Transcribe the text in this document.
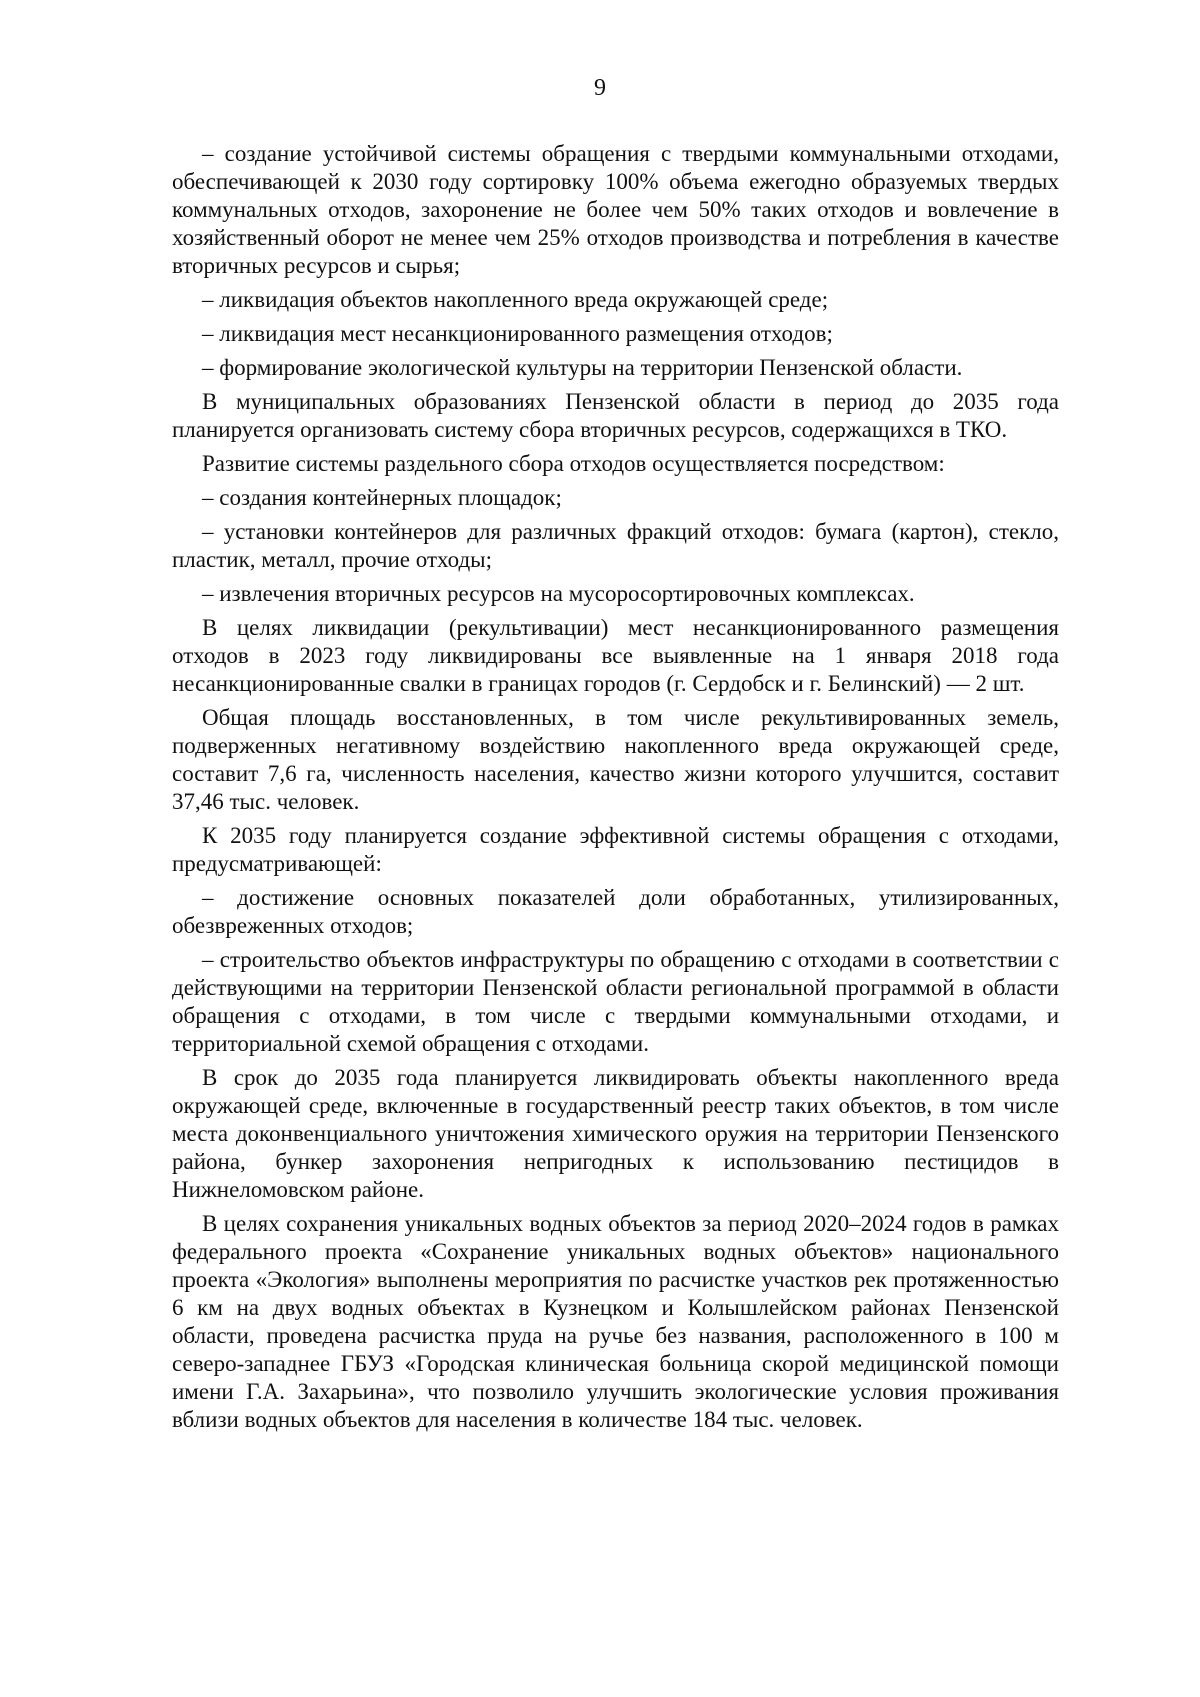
9

– создание устойчивой системы обращения с твердыми коммунальными отходами, обеспечивающей к 2030 году сортировку 100% объема ежегодно образуемых твердых коммунальных отходов, захоронение не более чем 50% таких отходов и вовлечение в хозяйственный оборот не менее чем 25% отходов производства и потребления в качестве вторичных ресурсов и сырья;

– ликвидация объектов накопленного вреда окружающей среде;

– ликвидация мест несанкционированного размещения отходов;

– формирование экологической культуры на территории Пензенской области.

В муниципальных образованиях Пензенской области в период до 2035 года планируется организовать систему сбора вторичных ресурсов, содержащихся в ТКО.

Развитие системы раздельного сбора отходов осуществляется посредством:

– создания контейнерных площадок;

– установки контейнеров для различных фракций отходов: бумага (картон), стекло, пластик, металл, прочие отходы;

– извлечения вторичных ресурсов на мусоросортировочных комплексах.

В целях ликвидации (рекультивации) мест несанкционированного размещения отходов в 2023 году ликвидированы все выявленные на 1 января 2018 года несанкционированные свалки в границах городов (г. Сердобск и г. Белинский) — 2 шт.

Общая площадь восстановленных, в том числе рекультивированных земель, подверженных негативному воздействию накопленного вреда окружающей среде, составит 7,6 га, численность населения, качество жизни которого улучшится, составит 37,46 тыс. человек.

К 2035 году планируется создание эффективной системы обращения с отходами, предусматривающей:

– достижение основных показателей доли обработанных, утилизированных, обезвреженных отходов;

– строительство объектов инфраструктуры по обращению с отходами в соответствии с действующими на территории Пензенской области региональной программой в области обращения с отходами, в том числе с твердыми коммунальными отходами, и территориальной схемой обращения с отходами.

В срок до 2035 года планируется ликвидировать объекты накопленного вреда окружающей среде, включенные в государственный реестр таких объектов, в том числе места доконвенциального уничтожения химического оружия на территории Пензенского района, бункер захоронения непригодных к использованию пестицидов в Нижнеломовском районе.

В целях сохранения уникальных водных объектов за период 2020–2024 годов в рамках федерального проекта «Сохранение уникальных водных объектов» национального проекта «Экология» выполнены мероприятия по расчистке участков рек протяженностью 6 км на двух водных объектах в Кузнецком и Колышлейском районах Пензенской области, проведена расчистка пруда на ручье без названия, расположенного в 100 м северо-западнее ГБУЗ «Городская клиническая больница скорой медицинской помощи имени Г.А. Захарьина», что позволило улучшить экологические условия проживания вблизи водных объектов для населения в количестве 184 тыс. человек.
